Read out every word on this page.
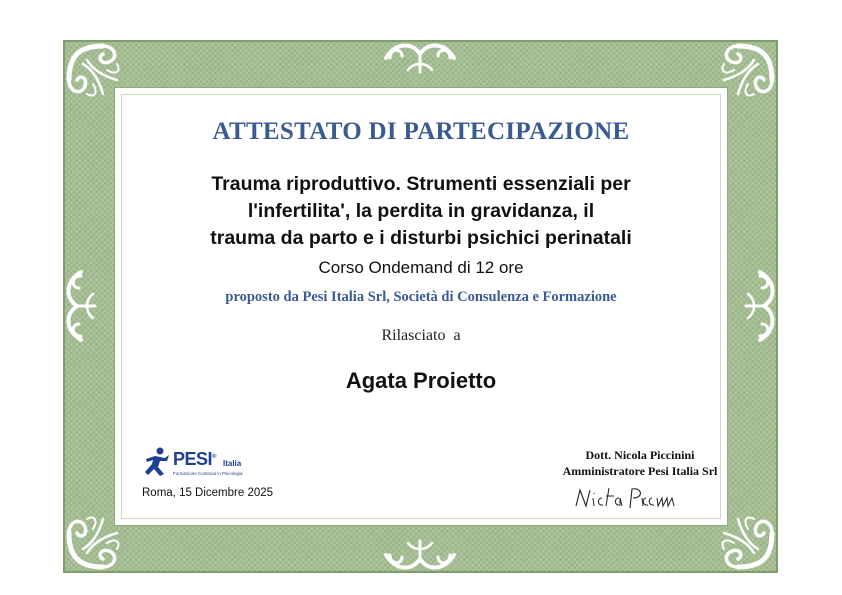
ATTESTATO DI PARTECIPAZIONE
Trauma riproduttivo. Strumenti essenziali per
l'infertilita', la perdita in gravidanza, il
trauma da parto e i disturbi psichici perinatali
Corso Ondemand di 12 ore
proposto da Pesi Italia Srl, Società di Consulenza e Formazione
Rilasciato  a
Agata Proietto
PESI®
Italia
Formazione Continua in Psicologia
Roma, 15 Dicembre 2025
Dott. Nicola Piccinini
Amministratore Pesi Italia Srl
